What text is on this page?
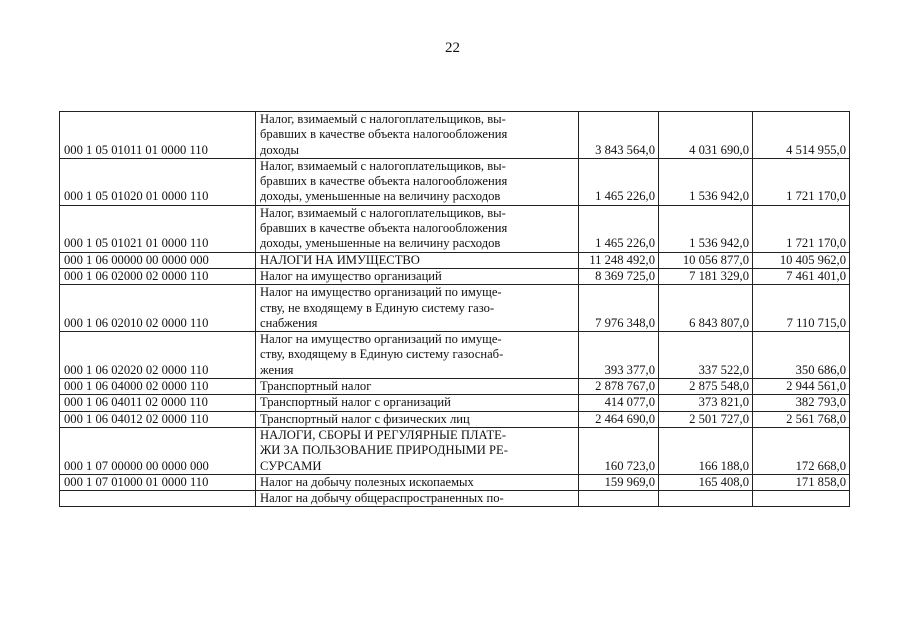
22
000 1 05 01011 01 0000 110	Налог, взимаемый с налогоплательщиков, вы-
бравших в качестве объекта налогообложения
доходы	3 843 564,0	4 031 690,0	4 514 955,0
000 1 05 01020 01 0000 110	Налог, взимаемый с налогоплательщиков, вы-
бравших в качестве объекта налогообложения
доходы, уменьшенные на величину расходов	1 465 226,0	1 536 942,0	1 721 170,0
000 1 05 01021 01 0000 110	Налог, взимаемый с налогоплательщиков, вы-
бравших в качестве объекта налогообложения
доходы, уменьшенные на величину расходов	1 465 226,0	1 536 942,0	1 721 170,0
000 1 06 00000 00 0000 000	НАЛОГИ НА ИМУЩЕСТВО	11 248 492,0	10 056 877,0	10 405 962,0
000 1 06 02000 02 0000 110	Налог на имущество организаций	8 369 725,0	7 181 329,0	7 461 401,0
000 1 06 02010 02 0000 110	Налог на имущество организаций по имуще-
ству, не входящему в Единую систему газо-
снабжения	7 976 348,0	6 843 807,0	7 110 715,0
000 1 06 02020 02 0000 110	Налог на имущество организаций по имуще-
ству, входящему в Единую систему газоснаб-
жения	393 377,0	337 522,0	350 686,0
000 1 06 04000 02 0000 110	Транспортный налог	2 878 767,0	2 875 548,0	2 944 561,0
000 1 06 04011 02 0000 110	Транспортный налог с организаций	414 077,0	373 821,0	382 793,0
000 1 06 04012 02 0000 110	Транспортный налог с физических лиц	2 464 690,0	2 501 727,0	2 561 768,0
000 1 07 00000 00 0000 000	НАЛОГИ, СБОРЫ И РЕГУЛЯРНЫЕ ПЛАТЕ-
ЖИ ЗА ПОЛЬЗОВАНИЕ ПРИРОДНЫМИ РЕ-
СУРСАМИ	160 723,0	166 188,0	172 668,0
000 1 07 01000 01 0000 110	Налог на добычу полезных ископаемых	159 969,0	165 408,0	171 858,0

	Налог на добычу общераспространенных по-			
